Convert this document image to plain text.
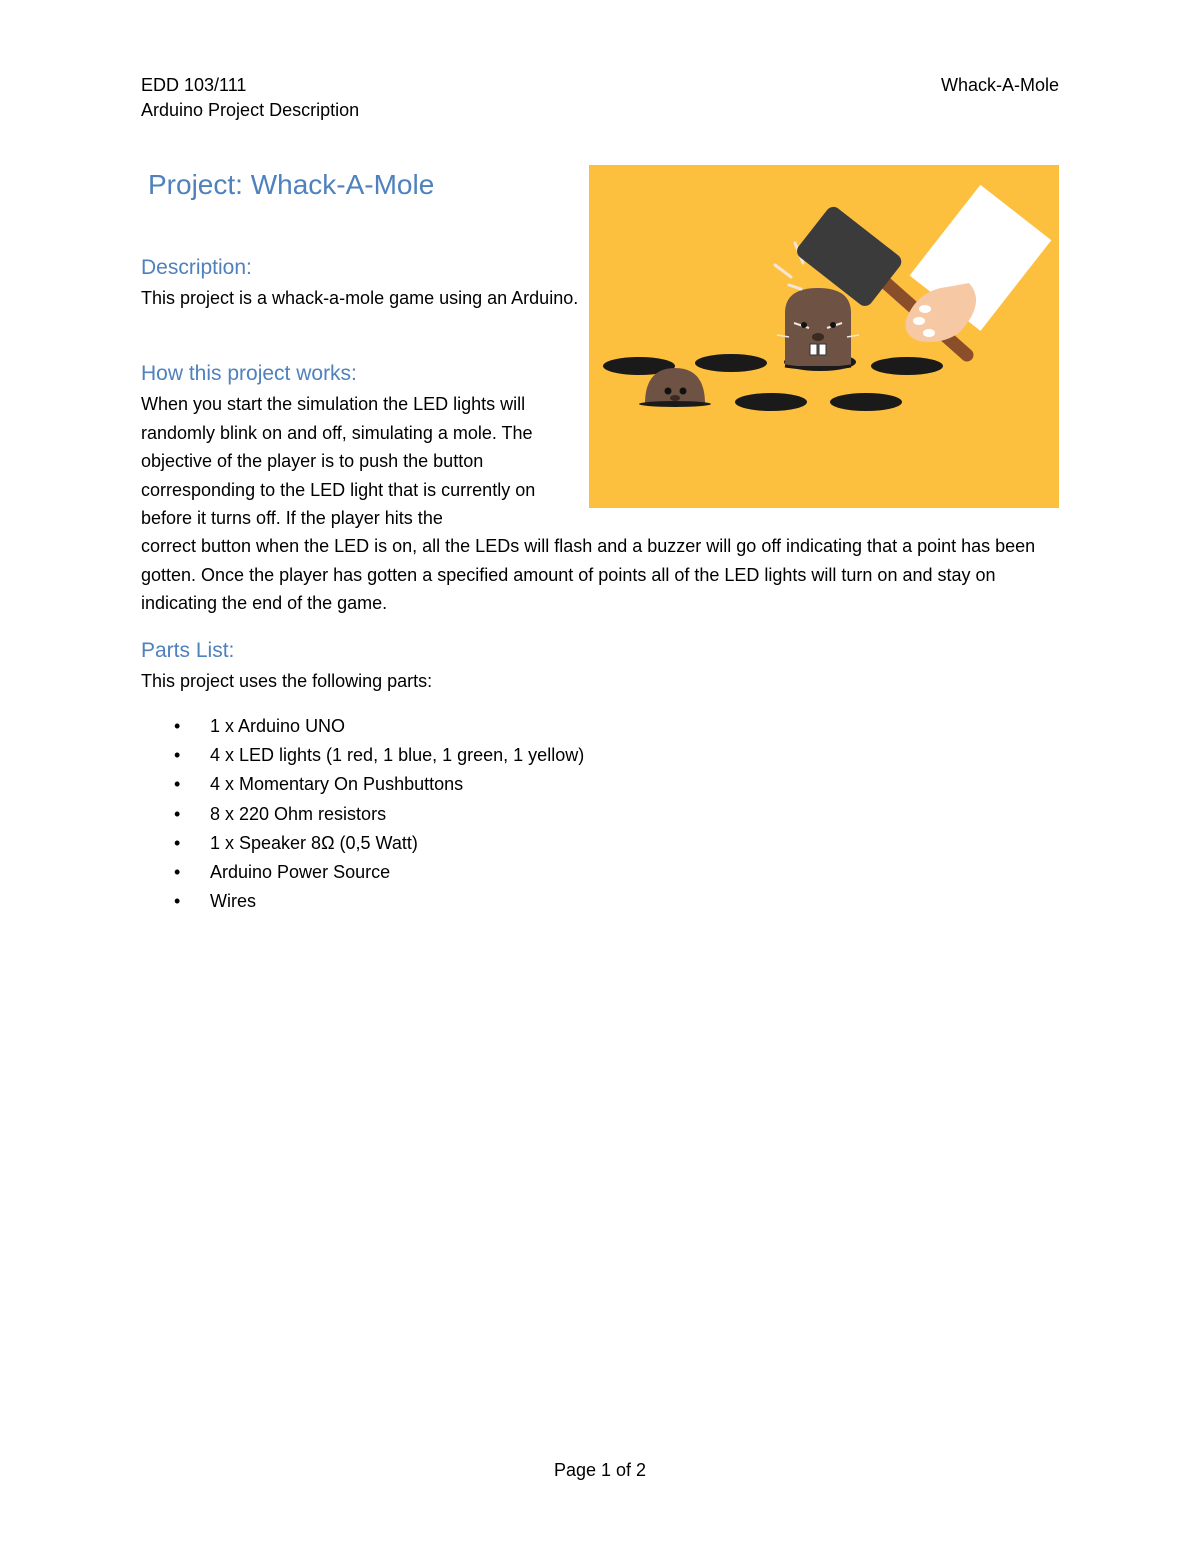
EDD 103/111
Arduino Project Description
Whack-A-Mole
Project: Whack-A-Mole
Description:
This project is a whack-a-mole game using an Arduino.
How this project works:
When you start the simulation the LED lights will randomly blink on and off, simulating a mole. The objective of the player is to push the button corresponding to the LED light that is currently on before it turns off. If the player hits the
correct button when the LED is on, all the LEDs will flash and a buzzer will go off indicating that a point has been gotten. Once the player has gotten a specified amount of points all of the LED lights will turn on and stay on indicating the end of the game.
Parts List:
This project uses the following parts:
• 1 x Arduino UNO
• 4 x LED lights (1 red, 1 blue, 1 green, 1 yellow)
• 4 x Momentary On Pushbuttons
• 8 x 220 Ohm resistors
• 1 x Speaker 8Ω (0,5 Watt)
• Arduino Power Source
• Wires
Page 1 of 2
